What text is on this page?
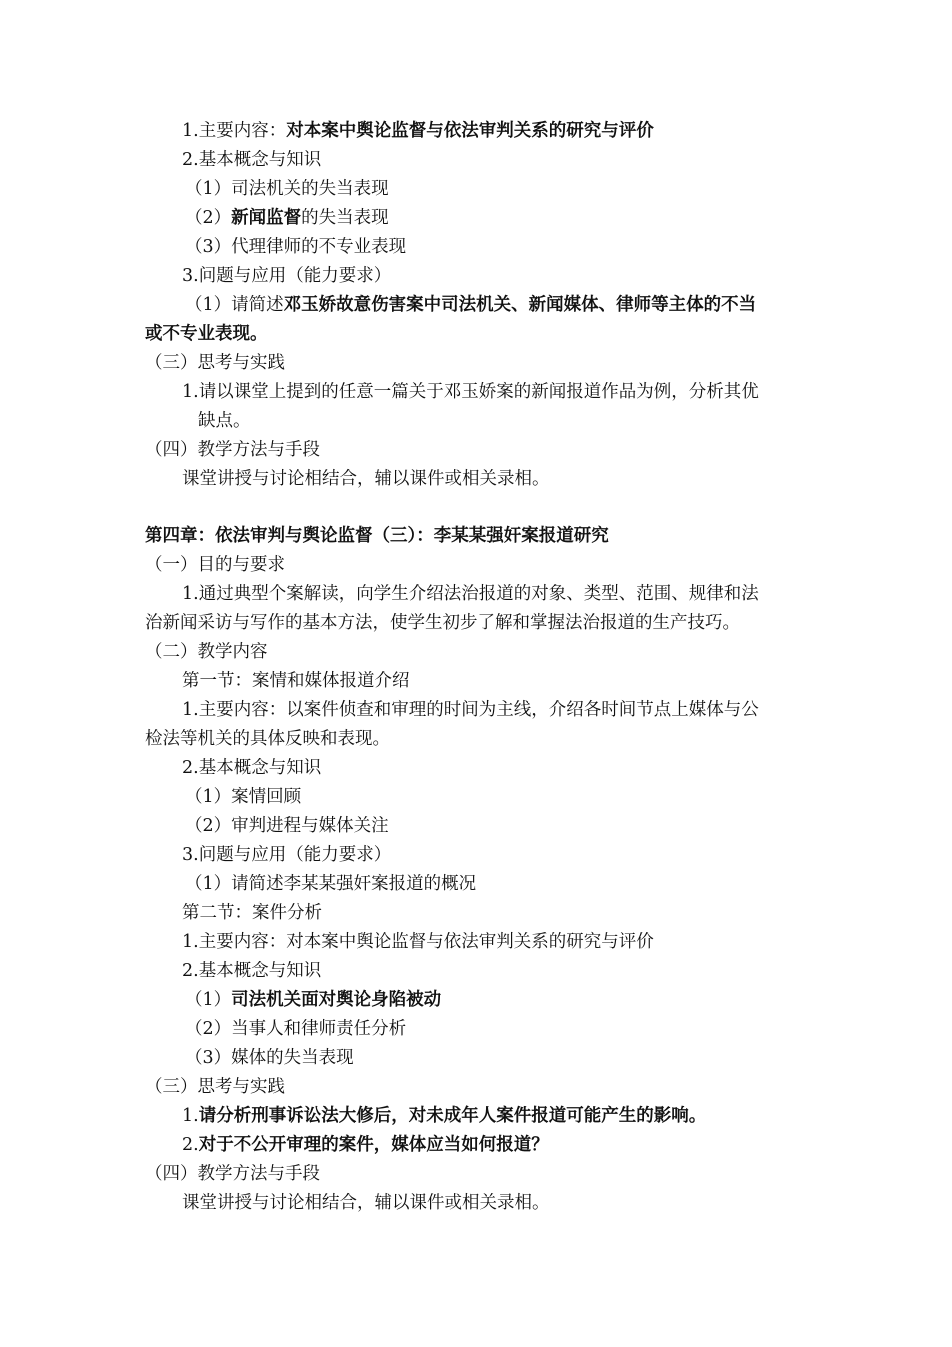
1.主要内容：对本案中舆论监督与依法审判关系的研究与评价
2.基本概念与知识
（1）司法机关的失当表现
（2）新闻监督的失当表现
（3）代理律师的不专业表现
3.问题与应用（能力要求）
（1）请简述邓玉娇故意伤害案中司法机关、新闻媒体、律师等主体的不当
或不专业表现。
（三）思考与实践
1.请以课堂上提到的任意一篇关于邓玉娇案的新闻报道作品为例，分析其优
缺点。
（四）教学方法与手段
课堂讲授与讨论相结合，辅以课件或相关录相。
第四章：依法审判与舆论监督（三）：李某某强奸案报道研究
（一）目的与要求
1.通过典型个案解读，向学生介绍法治报道的对象、类型、范围、规律和法
治新闻采访与写作的基本方法，使学生初步了解和掌握法治报道的生产技巧。
（二）教学内容
第一节：案情和媒体报道介绍
1.主要内容：以案件侦查和审理的时间为主线，介绍各时间节点上媒体与公
检法等机关的具体反映和表现。
2.基本概念与知识
（1）案情回顾
（2）审判进程与媒体关注
3.问题与应用（能力要求）
（1）请简述李某某强奸案报道的概况
第二节：案件分析
1.主要内容：对本案中舆论监督与依法审判关系的研究与评价
2.基本概念与知识
（1）司法机关面对舆论身陷被动
（2）当事人和律师责任分析
（3）媒体的失当表现
（三）思考与实践
1.请分析刑事诉讼法大修后，对未成年人案件报道可能产生的影响。
2.对于不公开审理的案件，媒体应当如何报道？
（四）教学方法与手段
课堂讲授与讨论相结合，辅以课件或相关录相。
